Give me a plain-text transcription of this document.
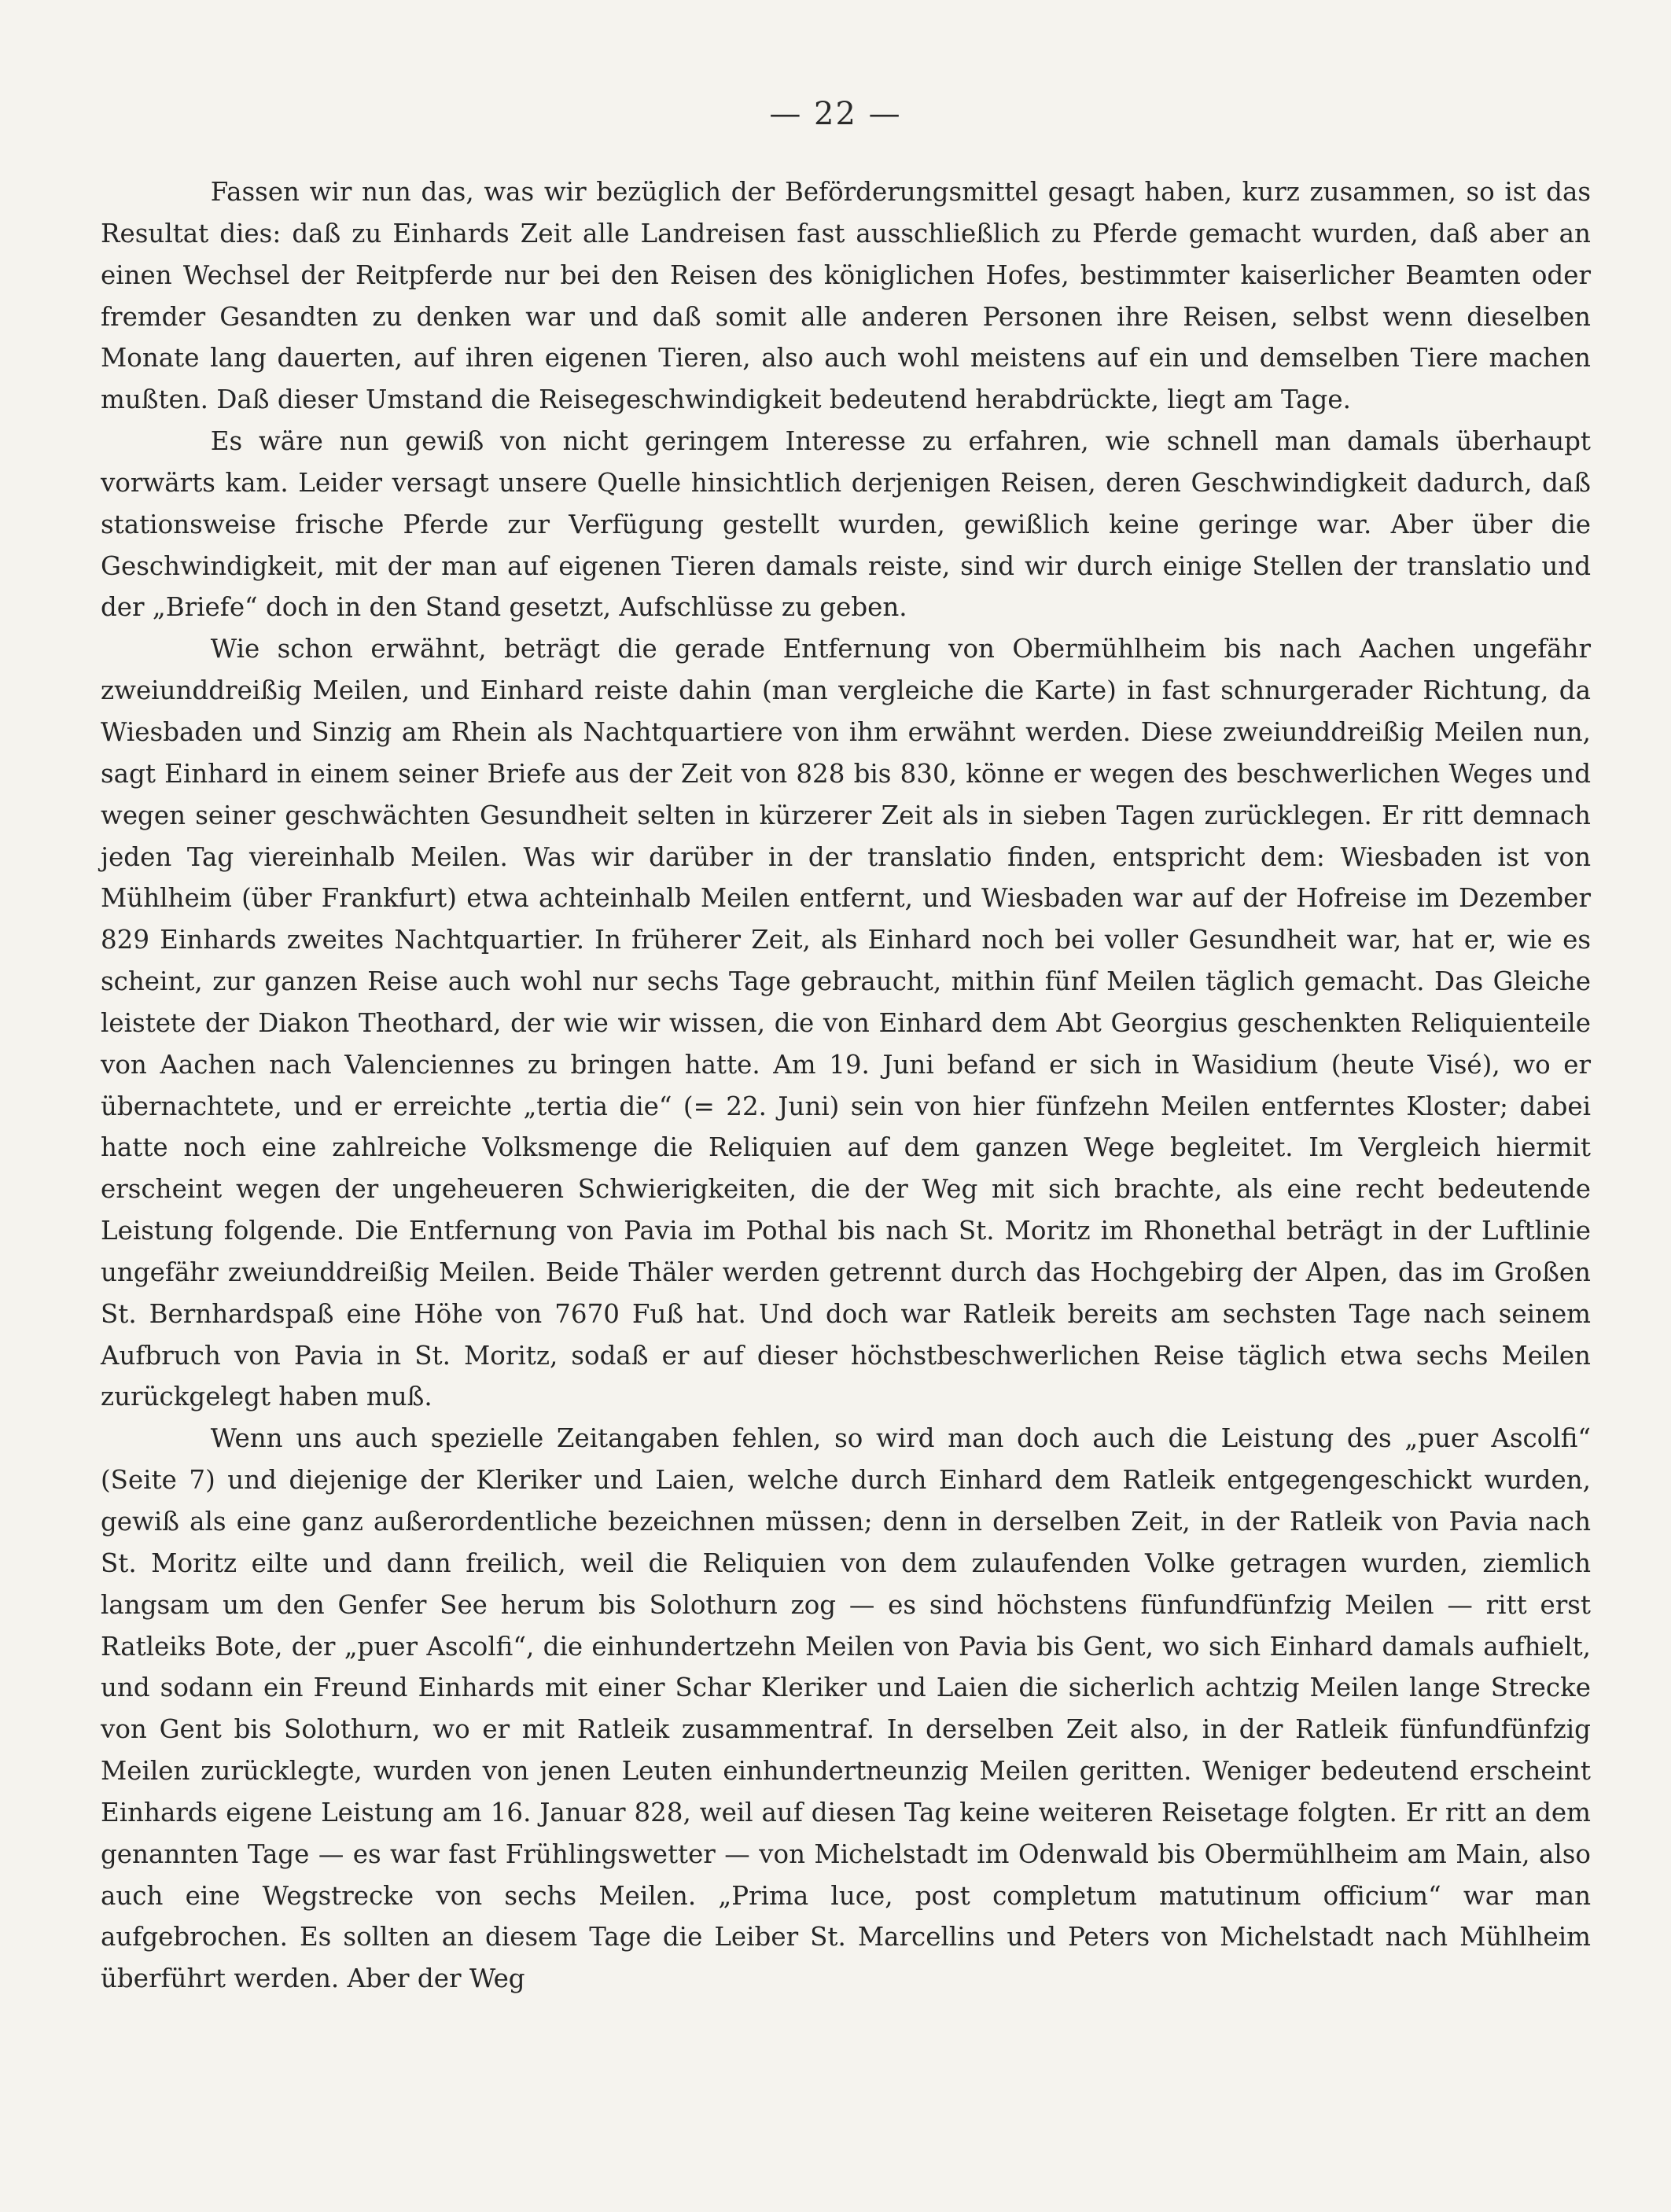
— 22 —

Fassen wir nun das, was wir bezüglich der Beförderungsmittel gesagt haben, kurz zusammen, so ist das Resultat dies: daß zu Einhards Zeit alle Landreisen fast ausschließlich zu Pferde gemacht wurden, daß aber an einen Wechsel der Reitpferde nur bei den Reisen des königlichen Hofes, bestimmter kaiserlicher Beamten oder fremder Gesandten zu denken war und daß somit alle anderen Personen ihre Reisen, selbst wenn dieselben Monate lang dauerten, auf ihren eigenen Tieren, also auch wohl meistens auf ein und demselben Tiere machen mußten. Daß dieser Umstand die Reisegeschwindigkeit bedeutend herabdrückte, liegt am Tage.

Es wäre nun gewiß von nicht geringem Interesse zu erfahren, wie schnell man damals überhaupt vorwärts kam. Leider versagt unsere Quelle hinsichtlich derjenigen Reisen, deren Geschwindigkeit dadurch, daß stationsweise frische Pferde zur Verfügung gestellt wurden, gewißlich keine geringe war. Aber über die Geschwindigkeit, mit der man auf eigenen Tieren damals reiste, sind wir durch einige Stellen der translatio und der „Briefe“ doch in den Stand gesetzt, Aufschlüsse zu geben.

Wie schon erwähnt, beträgt die gerade Entfernung von Obermühlheim bis nach Aachen ungefähr zweiunddreißig Meilen, und Einhard reiste dahin (man vergleiche die Karte) in fast schnurgerader Richtung, da Wiesbaden und Sinzig am Rhein als Nachtquartiere von ihm erwähnt werden. Diese zweiunddreißig Meilen nun, sagt Einhard in einem seiner Briefe aus der Zeit von 828 bis 830, könne er wegen des beschwerlichen Weges und wegen seiner geschwächten Gesundheit selten in kürzerer Zeit als in sieben Tagen zurücklegen. Er ritt demnach jeden Tag viereinhalb Meilen. Was wir darüber in der translatio finden, entspricht dem: Wiesbaden ist von Mühlheim (über Frankfurt) etwa achteinhalb Meilen entfernt, und Wiesbaden war auf der Hofreise im Dezember 829 Einhards zweites Nachtquartier. In früherer Zeit, als Einhard noch bei voller Gesundheit war, hat er, wie es scheint, zur ganzen Reise auch wohl nur sechs Tage gebraucht, mithin fünf Meilen täglich gemacht. Das Gleiche leistete der Diakon Theothard, der wie wir wissen, die von Einhard dem Abt Georgius geschenkten Reliquienteile von Aachen nach Valenciennes zu bringen hatte. Am 19. Juni befand er sich in Wasidium (heute Visé), wo er übernachtete, und er erreichte „tertia die“ (= 22. Juni) sein von hier fünfzehn Meilen entferntes Kloster; dabei hatte noch eine zahlreiche Volksmenge die Reliquien auf dem ganzen Wege begleitet. Im Vergleich hiermit erscheint wegen der ungeheueren Schwierigkeiten, die der Weg mit sich brachte, als eine recht bedeutende Leistung folgende. Die Entfernung von Pavia im Pothal bis nach St. Moritz im Rhonethal beträgt in der Luftlinie ungefähr zweiunddreißig Meilen. Beide Thäler werden getrennt durch das Hochgebirg der Alpen, das im Großen St. Bernhardspaß eine Höhe von 7670 Fuß hat. Und doch war Ratleik bereits am sechsten Tage nach seinem Aufbruch von Pavia in St. Moritz, sodaß er auf dieser höchstbeschwerlichen Reise täglich etwa sechs Meilen zurückgelegt haben muß.

Wenn uns auch spezielle Zeitangaben fehlen, so wird man doch auch die Leistung des „puer Ascolfi“ (Seite 7) und diejenige der Kleriker und Laien, welche durch Einhard dem Ratleik entgegengeschickt wurden, gewiß als eine ganz außerordentliche bezeichnen müssen; denn in derselben Zeit, in der Ratleik von Pavia nach St. Moritz eilte und dann freilich, weil die Reliquien von dem zulaufenden Volke getragen wurden, ziemlich langsam um den Genfer See herum bis Solothurn zog — es sind höchstens fünfundfünfzig Meilen — ritt erst Ratleiks Bote, der „puer Ascolfi“, die einhundertzehn Meilen von Pavia bis Gent, wo sich Einhard damals aufhielt, und sodann ein Freund Einhards mit einer Schar Kleriker und Laien die sicherlich achtzig Meilen lange Strecke von Gent bis Solothurn, wo er mit Ratleik zusammentraf. In derselben Zeit also, in der Ratleik fünfundfünfzig Meilen zurücklegte, wurden von jenen Leuten einhundertneunzig Meilen geritten. Weniger bedeutend erscheint Einhards eigene Leistung am 16. Januar 828, weil auf diesen Tag keine weiteren Reisetage folgten. Er ritt an dem genannten Tage — es war fast Frühlingswetter — von Michelstadt im Odenwald bis Obermühlheim am Main, also auch eine Wegstrecke von sechs Meilen. „Prima luce, post completum matutinum officium“ war man aufgebrochen. Es sollten an diesem Tage die Leiber St. Marcellins und Peters von Michelstadt nach Mühlheim überführt werden. Aber der Weg
